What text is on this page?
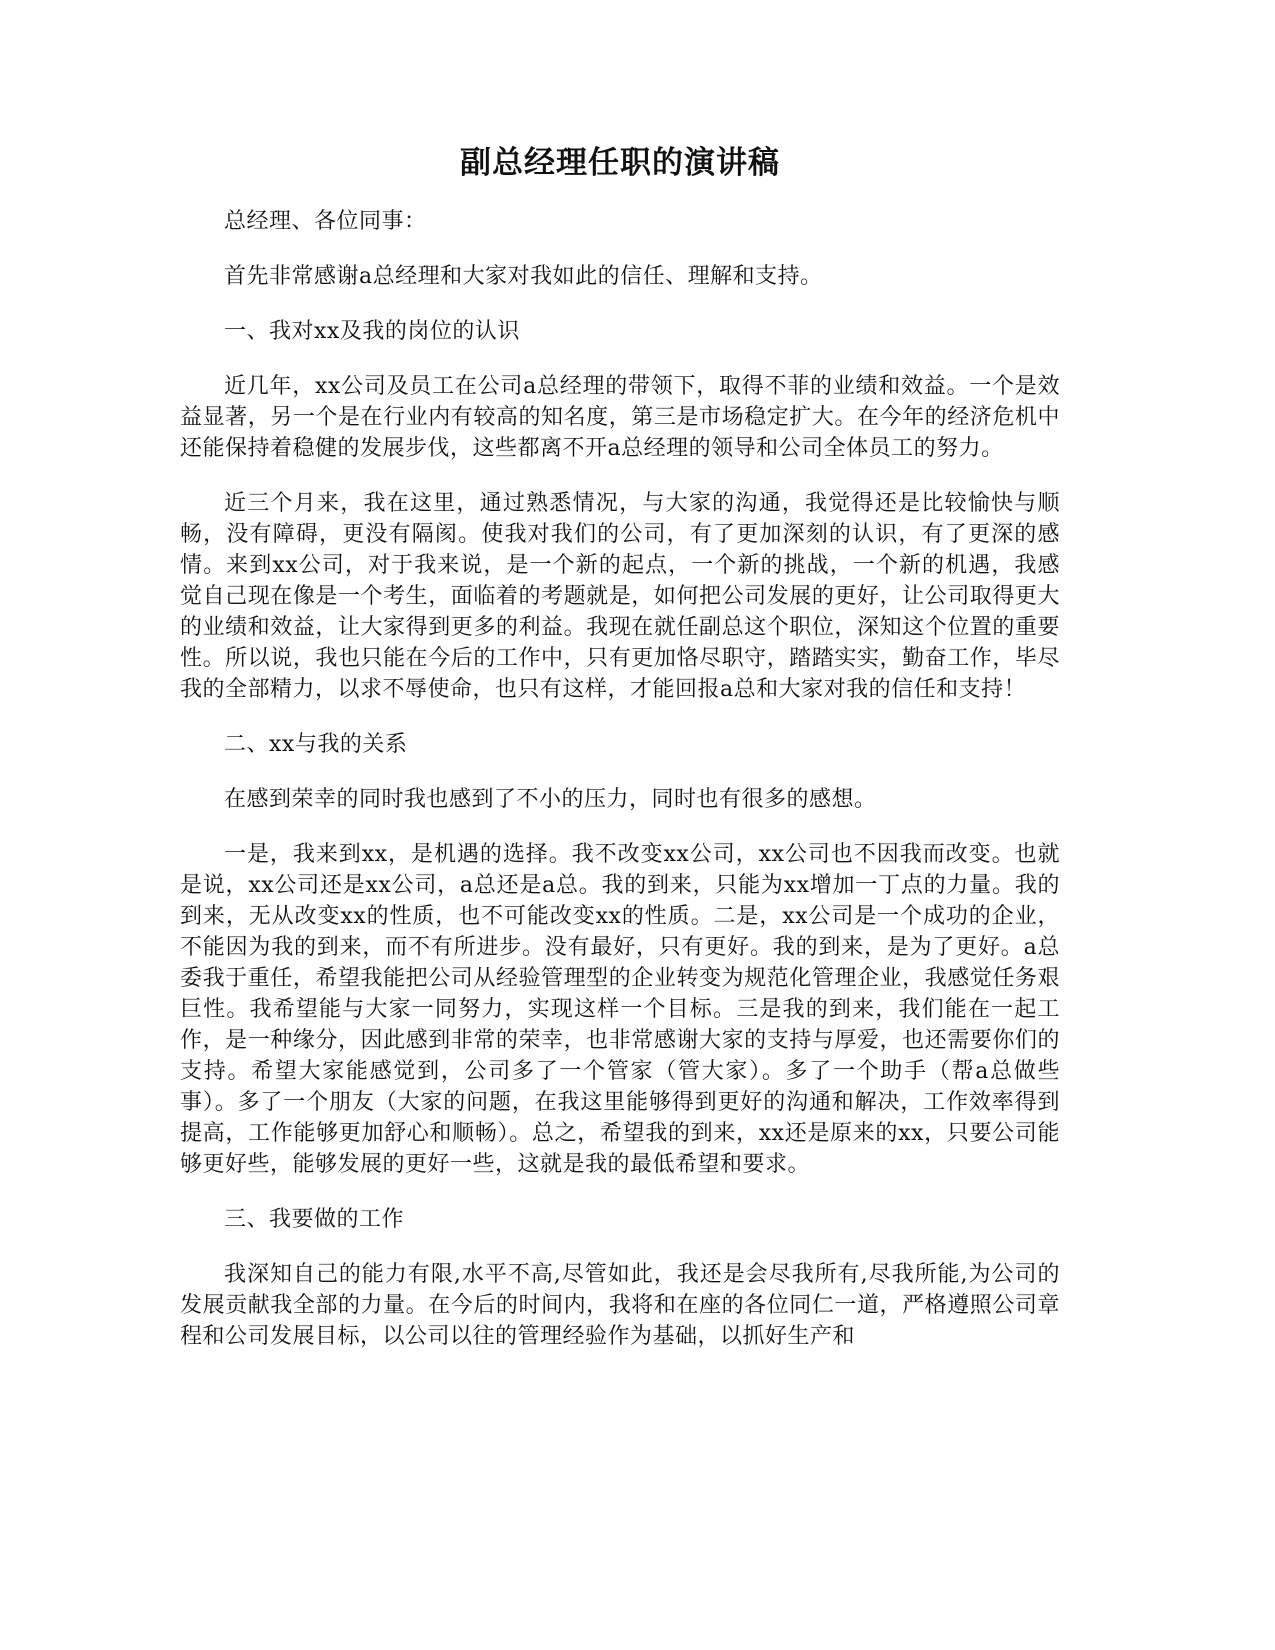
副总经理任职的演讲稿

总经理、各位同事：

首先非常感谢a总经理和大家对我如此的信任、理解和支持。

一、我对xx及我的岗位的认识

近几年，xx公司及员工在公司a总经理的带领下，取得不菲的业绩和效益。一个是效益显著，另一个是在行业内有较高的知名度，第三是市场稳定扩大。在今年的经济危机中还能保持着稳健的发展步伐，这些都离不开a总经理的领导和公司全体员工的努力。

近三个月来，我在这里，通过熟悉情况，与大家的沟通，我觉得还是比较愉快与顺畅，没有障碍，更没有隔阂。使我对我们的公司，有了更加深刻的认识，有了更深的感情。来到xx公司，对于我来说，是一个新的起点，一个新的挑战，一个新的机遇，我感觉自己现在像是一个考生，面临着的考题就是，如何把公司发展的更好，让公司取得更大的业绩和效益，让大家得到更多的利益。我现在就任副总这个职位，深知这个位置的重要性。所以说，我也只能在今后的工作中，只有更加恪尽职守，踏踏实实，勤奋工作，毕尽我的全部精力，以求不辱使命，也只有这样，才能回报a总和大家对我的信任和支持！

二、xx与我的关系

在感到荣幸的同时我也感到了不小的压力，同时也有很多的感想。

一是，我来到xx，是机遇的选择。我不改变xx公司，xx公司也不因我而改变。也就是说，xx公司还是xx公司，a总还是a总。我的到来，只能为xx增加一丁点的力量。我的到来，无从改变xx的性质，也不可能改变xx的性质。二是，xx公司是一个成功的企业，不能因为我的到来，而不有所进步。没有最好，只有更好。我的到来，是为了更好。a总委我于重任，希望我能把公司从经验管理型的企业转变为规范化管理企业，我感觉任务艰巨性。我希望能与大家一同努力，实现这样一个目标。三是我的到来，我们能在一起工作，是一种缘分，因此感到非常的荣幸，也非常感谢大家的支持与厚爱，也还需要你们的支持。希望大家能感觉到，公司多了一个管家（管大家）。多了一个助手（帮a总做些事）。多了一个朋友（大家的问题，在我这里能够得到更好的沟通和解决，工作效率得到提高，工作能够更加舒心和顺畅）。总之，希望我的到来，xx还是原来的xx，只要公司能够更好些，能够发展的更好一些，这就是我的最低希望和要求。

三、我要做的工作

我深知自己的能力有限,水平不高,尽管如此，我还是会尽我所有,尽我所能,为公司的发展贡献我全部的力量。在今后的时间内，我将和在座的各位同仁一道，严格遵照公司章程和公司发展目标，以公司以往的管理经验作为基础，以抓好生产和
